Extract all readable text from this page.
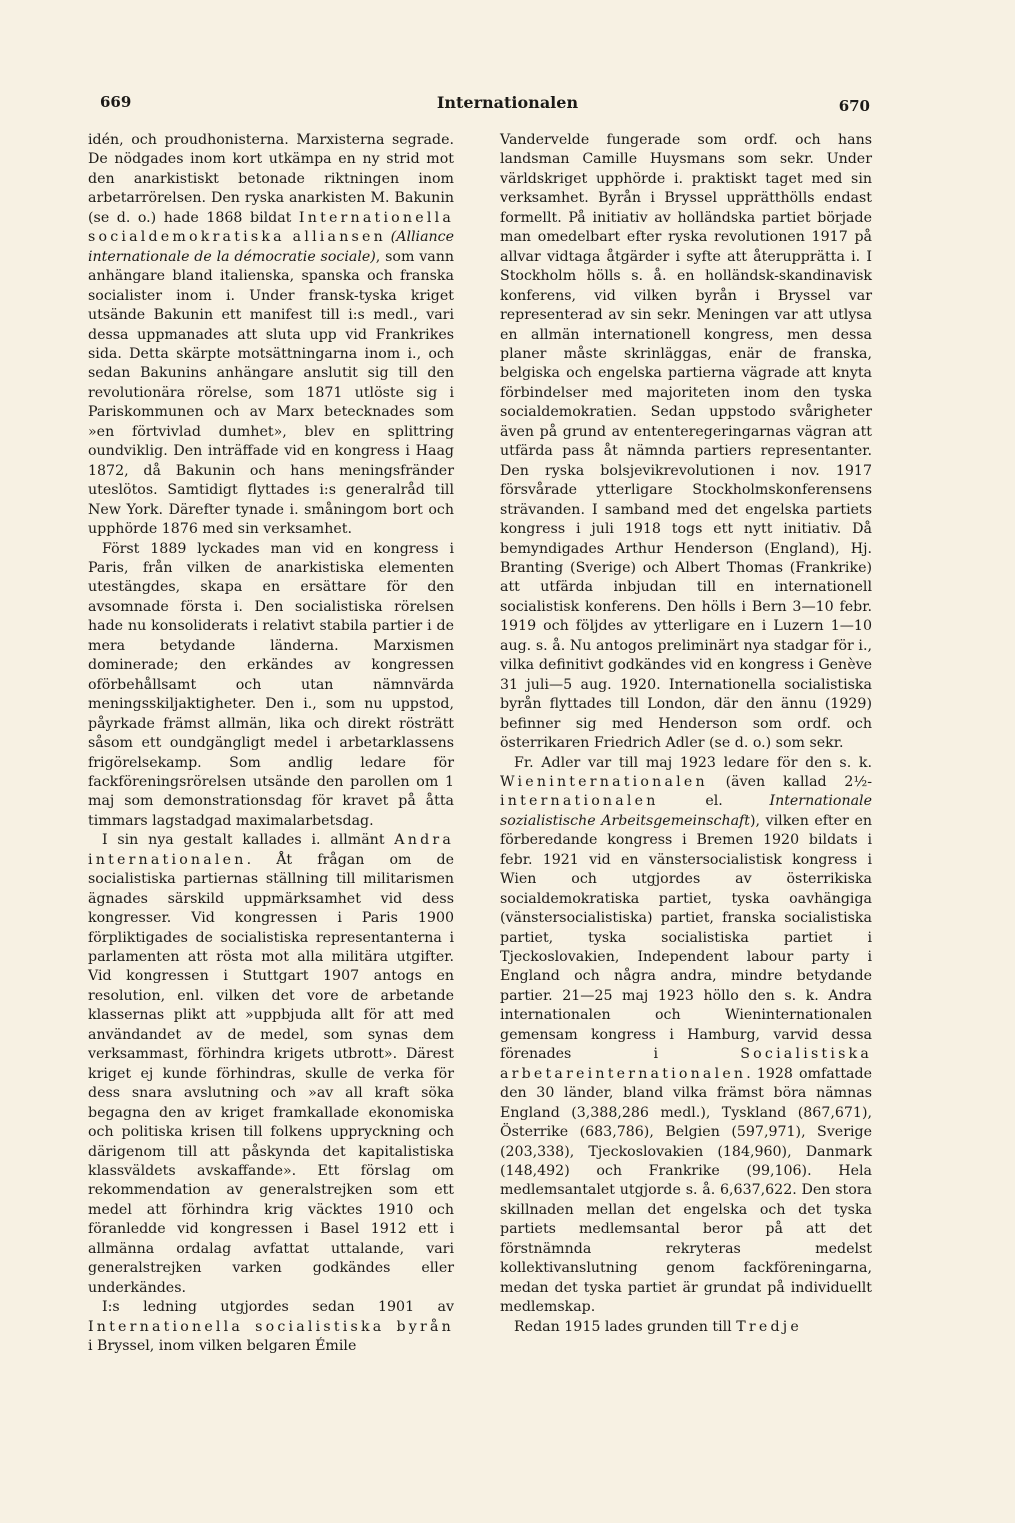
669	Internationalen	670

idén, och proudhonisterna. Marxisterna segrade. De nödgades inom kort utkämpa en ny strid mot den anarkistiskt betonade riktningen inom arbetarrörelsen. Den ryska anarkisten M. Bakunin (se d. o.) hade 1868 bildat Internationella socialdemokratiska alliansen (Alliance internationale de la démocratie sociale), som vann anhängare bland italienska, spanska och franska socialister inom i. Under fransk-tyska kriget utsände Bakunin ett manifest till i:s medl., vari dessa uppmanades att sluta upp vid Frankrikes sida. Detta skärpte motsättningarna inom i., och sedan Bakunins anhängare anslutit sig till den revolutionära rörelse, som 1871 utlöste sig i Pariskommunen och av Marx betecknades som »en förtvivlad dumhet», blev en splittring oundviklig. Den inträffade vid en kongress i Haag 1872, då Bakunin och hans meningsfränder uteslötos. Samtidigt flyttades i:s generalråd till New York. Därefter tynade i. småningom bort och upphörde 1876 med sin verksamhet.

Först 1889 lyckades man vid en kongress i Paris, från vilken de anarkistiska elementen utestängdes, skapa en ersättare för den avsomnade första i. Den socialistiska rörelsen hade nu konsoliderats i relativt stabila partier i de mera betydande länderna. Marxismen dominerade; den erkändes av kongressen oförbehållsamt och utan nämnvärda meningsskiljaktigheter. Den i., som nu uppstod, påyrkade främst allmän, lika och direkt rösträtt såsom ett oundgängligt medel i arbetarklassens frigörelsekamp. Som andlig ledare för fackföreningsrörelsen utsände den parollen om 1 maj som demonstrationsdag för kravet på åtta timmars lagstadgad maximalarbetsdag.

I sin nya gestalt kallades i. allmänt Andra internationalen. Åt frågan om de socialistiska partiernas ställning till militarismen ägnades särskild uppmärksamhet vid dess kongresser. Vid kongressen i Paris 1900 förpliktigades de socialistiska representanterna i parlamenten att rösta mot alla militära utgifter. Vid kongressen i Stuttgart 1907 antogs en resolution, enl. vilken det vore de arbetande klassernas plikt att »uppbjuda allt för att med användandet av de medel, som synas dem verksammast, förhindra krigets utbrott». Därest kriget ej kunde förhindras, skulle de verka för dess snara avslutning och »av all kraft söka begagna den av kriget framkallade ekonomiska och politiska krisen till folkens uppryckning och därigenom till att påskynda det kapitalistiska klassväldets avskaffande». Ett förslag om rekommendation av generalstrejken som ett medel att förhindra krig väcktes 1910 och föranledde vid kongressen i Basel 1912 ett i allmänna ordalag avfattat uttalande, vari generalstrejken varken godkändes eller underkändes.

I:s ledning utgjordes sedan 1901 av Internationella socialistiska byrån i Bryssel, inom vilken belgaren Émile

Vandervelde fungerade som ordf. och hans landsman Camille Huysmans som sekr. Under världskriget upphörde i. praktiskt taget med sin verksamhet. Byrån i Bryssel upprätthölls endast formellt. På initiativ av holländska partiet började man omedelbart efter ryska revolutionen 1917 på allvar vidtaga åtgärder i syfte att återupprätta i. I Stockholm hölls s. å. en holländsk-skandinavisk konferens, vid vilken byrån i Bryssel var representerad av sin sekr. Meningen var att utlysa en allmän internationell kongress, men dessa planer måste skrinläggas, enär de franska, belgiska och engelska partierna vägrade att knyta förbindelser med majoriteten inom den tyska socialdemokratien. Sedan uppstodo svårigheter även på grund av ententeregeringarnas vägran att utfärda pass åt nämnda partiers representanter. Den ryska bolsjevikrevolutionen i nov. 1917 försvårade ytterligare Stockholmskonferensens strävanden. I samband med det engelska partiets kongress i juli 1918 togs ett nytt initiativ. Då bemyndigades Arthur Henderson (England), Hj. Branting (Sverige) och Albert Thomas (Frankrike) att utfärda inbjudan till en internationell socialistisk konferens. Den hölls i Bern 3—10 febr. 1919 och följdes av ytterligare en i Luzern 1—10 aug. s. å. Nu antogos preliminärt nya stadgar för i., vilka definitivt godkändes vid en kongress i Genève 31 juli—5 aug. 1920. Internationella socialistiska byrån flyttades till London, där den ännu (1929) befinner sig med Henderson som ordf. och österrikaren Friedrich Adler (se d. o.) som sekr.

Fr. Adler var till maj 1923 ledare för den s. k. Wieninternationalen (även kallad 2½-internationalen el. Internationale sozialistische Arbeitsgemeinschaft), vilken efter en förberedande kongress i Bremen 1920 bildats i febr. 1921 vid en vänstersocialistisk kongress i Wien och utgjordes av österrikiska socialdemokratiska partiet, tyska oavhängiga (vänstersocialistiska) partiet, franska socialistiska partiet, tyska socialistiska partiet i Tjeckoslovakien, Independent labour party i England och några andra, mindre betydande partier. 21—25 maj 1923 höllo den s. k. Andra internationalen och Wieninternationalen gemensam kongress i Hamburg, varvid dessa förenades i Socialistiska arbetareinternationalen. 1928 omfattade den 30 länder, bland vilka främst böra nämnas England (3,388,286 medl.), Tyskland (867,671), Österrike (683,786), Belgien (597,971), Sverige (203,338), Tjeckoslovakien (184,960), Danmark (148,492) och Frankrike (99,106). Hela medlemsantalet utgjorde s. å. 6,637,622. Den stora skillnaden mellan det engelska och det tyska partiets medlemsantal beror på att det förstnämnda rekryteras medelst kollektivanslutning genom fackföreningarna, medan det tyska partiet är grundat på individuellt medlemskap.

Redan 1915 lades grunden till Tredje
